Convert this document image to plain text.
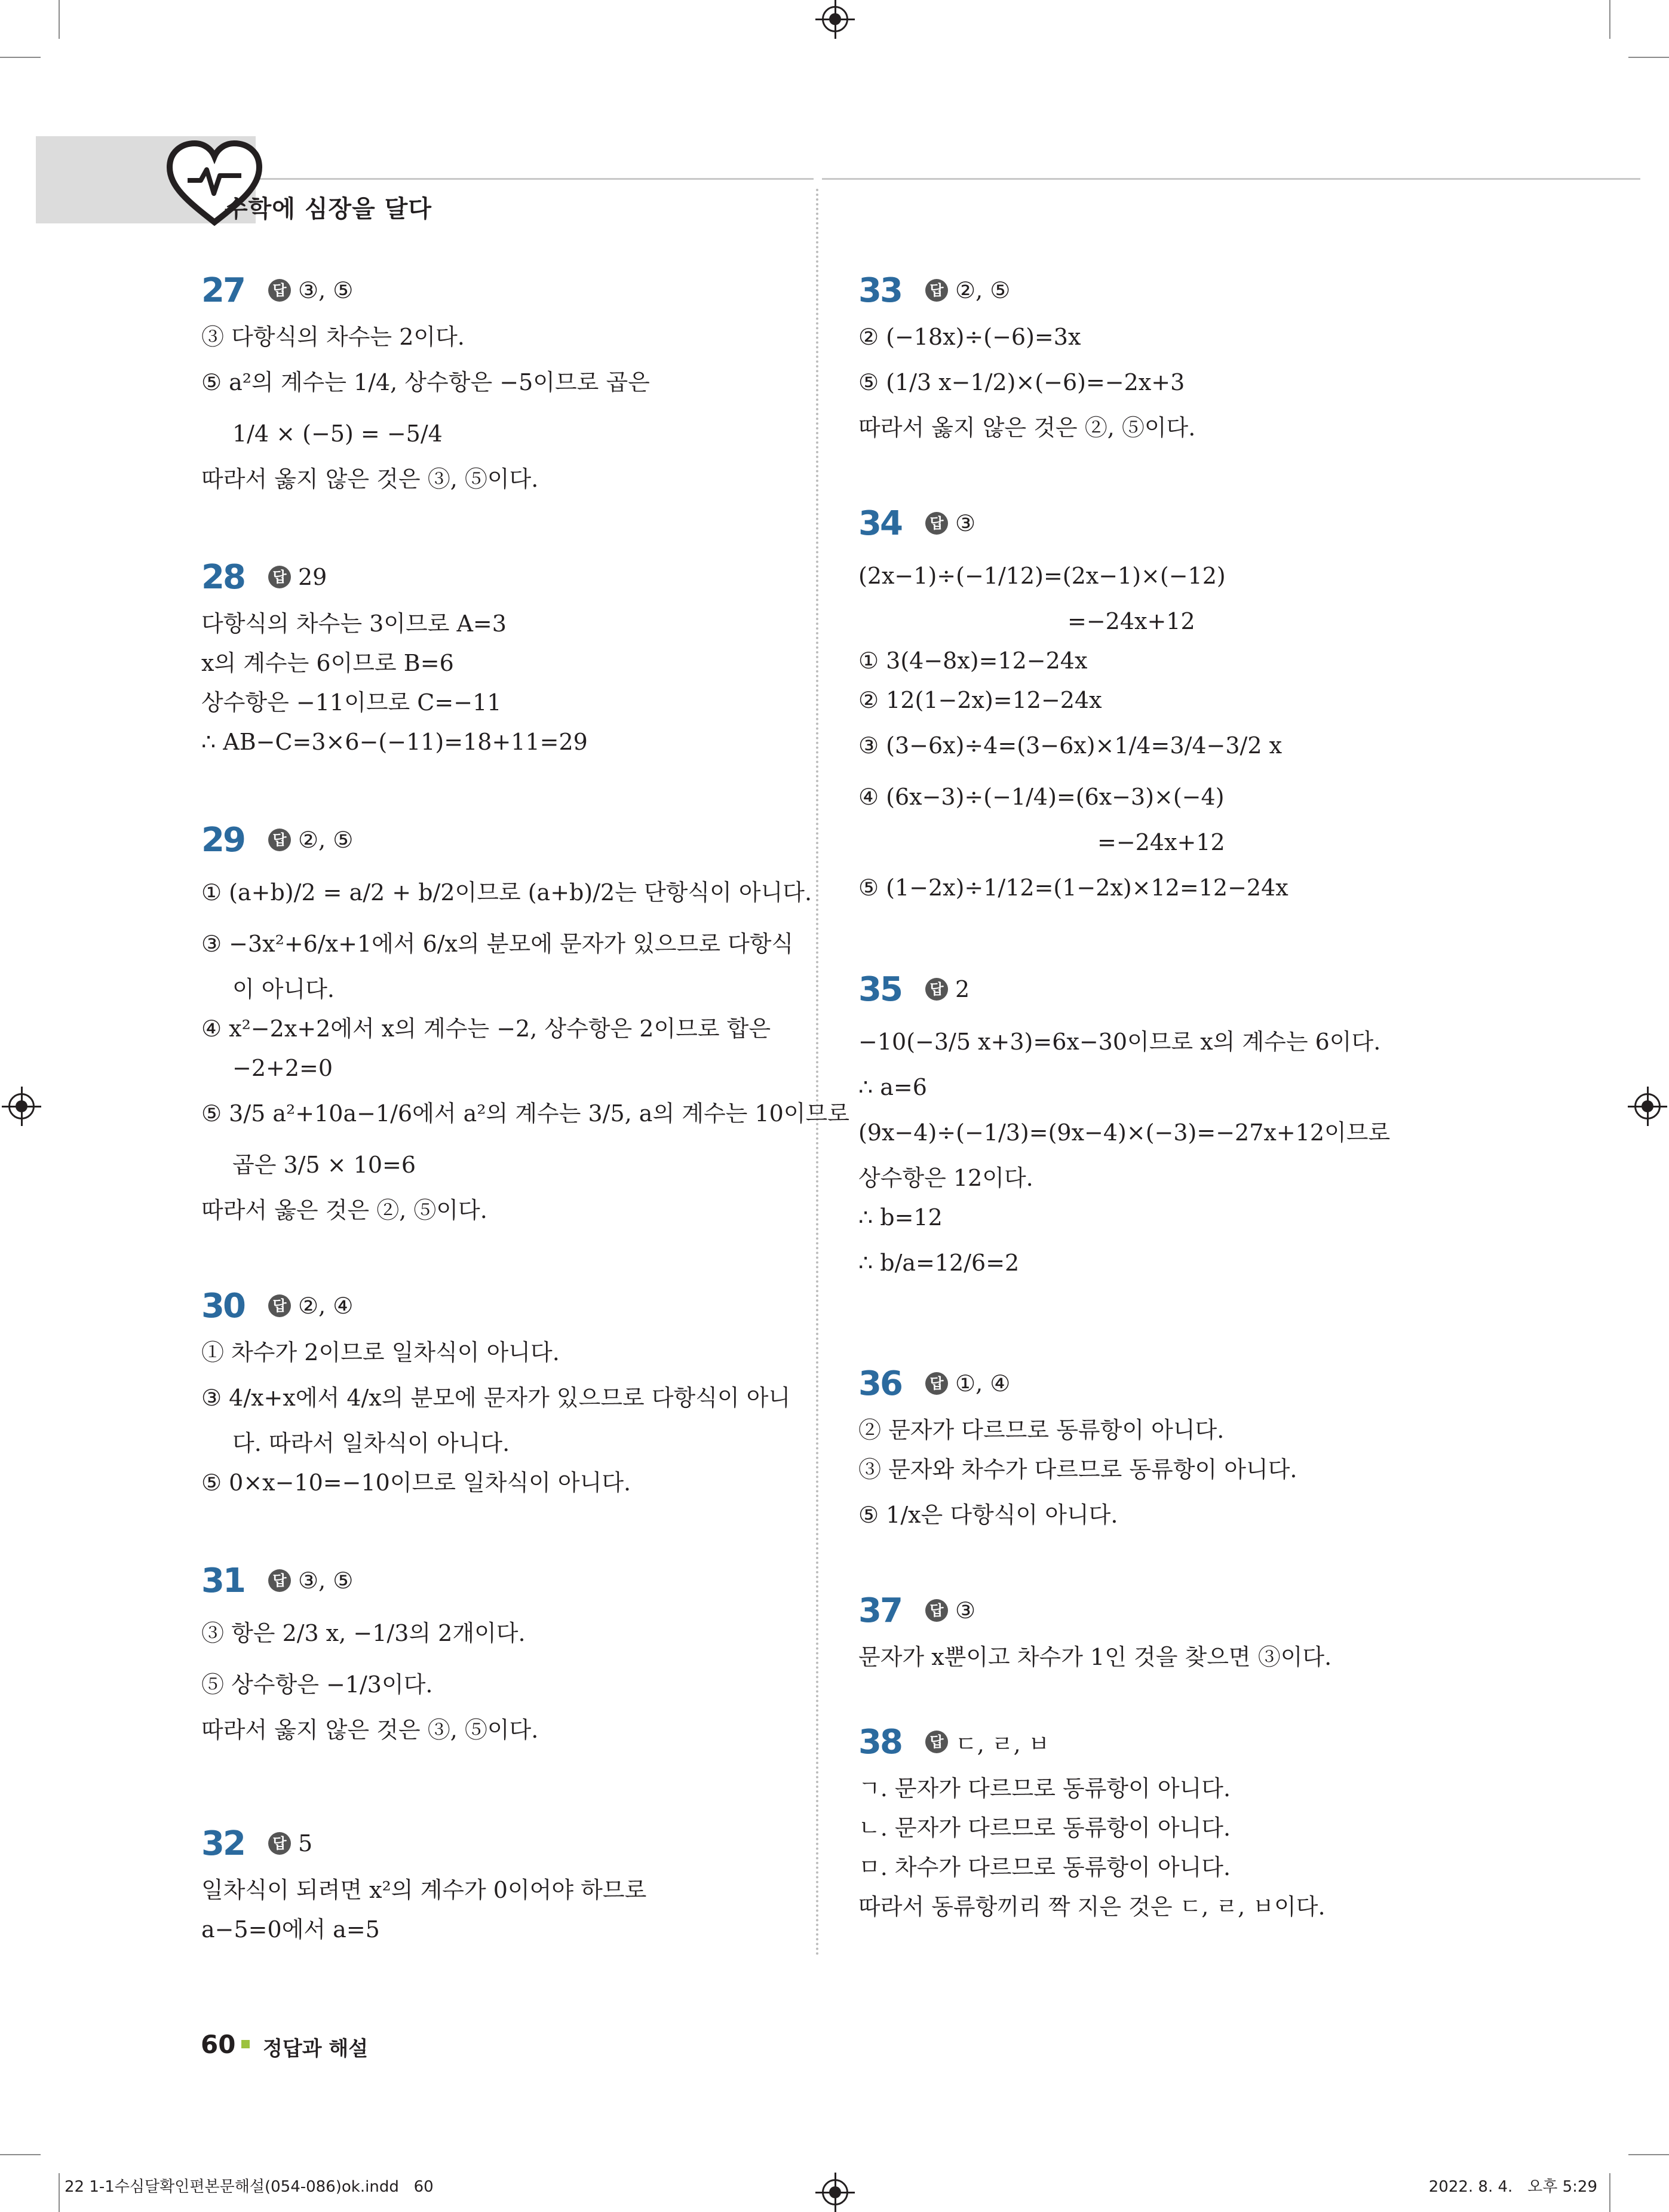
수학에 심장을 달다
27	답 ③, ⑤
③ 다항식의 차수는 2이다.
⑤ a²의 계수는 1/4, 상수항은 −5이므로 곱은
1/4 × (−5) = −5/4
따라서 옳지 않은 것은 ③, ⑤이다.
28	답 29
다항식의 차수는 3이므로 A=3
x의 계수는 6이므로 B=6
상수항은 −11이므로 C=−11
∴ AB−C=3×6−(−11)=18+11=29
29	답 ②, ⑤
① (a+b)/2 = a/2 + b/2이므로 (a+b)/2는 단항식이 아니다.
③ −3x²+6/x+1에서 6/x의 분모에 문자가 있으므로 다항식
이 아니다.
④ x²−2x+2에서 x의 계수는 −2, 상수항은 2이므로 합은
−2+2=0
⑤ 3/5 a²+10a−1/6에서 a²의 계수는 3/5, a의 계수는 10이므로
곱은 3/5 × 10=6
따라서 옳은 것은 ②, ⑤이다.
30	답 ②, ④
① 차수가 2이므로 일차식이 아니다.
③ 4/x+x에서 4/x의 분모에 문자가 있으므로 다항식이 아니
다. 따라서 일차식이 아니다.
⑤ 0×x−10=−10이므로 일차식이 아니다.
31	답 ③, ⑤
③ 항은 2/3 x, −1/3의 2개이다.
⑤ 상수항은 −1/3이다.
따라서 옳지 않은 것은 ③, ⑤이다.
32	답 5
일차식이 되려면 x²의 계수가 0이어야 하므로
a−5=0에서 a=5
33	답 ②, ⑤
② (−18x)÷(−6)=3x
⑤ (1/3 x−1/2)×(−6)=−2x+3
따라서 옳지 않은 것은 ②, ⑤이다.
34	답 ③
(2x−1)÷(−1/12)=(2x−1)×(−12)
=−24x+12
① 3(4−8x)=12−24x
② 12(1−2x)=12−24x
③ (3−6x)÷4=(3−6x)×1/4=3/4−3/2 x
④ (6x−3)÷(−1/4)=(6x−3)×(−4)
=−24x+12
⑤ (1−2x)÷1/12=(1−2x)×12=12−24x
35	답 2
−10(−3/5 x+3)=6x−30이므로 x의 계수는 6이다.
∴ a=6
(9x−4)÷(−1/3)=(9x−4)×(−3)=−27x+12이므로
상수항은 12이다.
∴ b=12
∴ b/a=12/6=2
36	답 ①, ④
② 문자가 다르므로 동류항이 아니다.
③ 문자와 차수가 다르므로 동류항이 아니다.
⑤ 1/x은 다항식이 아니다.
37	답 ③
문자가 x뿐이고 차수가 1인 것을 찾으면 ③이다.
38	답 ㄷ, ㄹ, ㅂ
ㄱ. 문자가 다르므로 동류항이 아니다.
ㄴ. 문자가 다르므로 동류항이 아니다.
ㅁ. 차수가 다르므로 동류항이 아니다.
따라서 동류항끼리 짝 지은 것은 ㄷ, ㄹ, ㅂ이다.
60 정답과 해설
22 1-1수심달확인편본문해설(054-086)ok.indd   60	2022. 8. 4.   오후 5:29
